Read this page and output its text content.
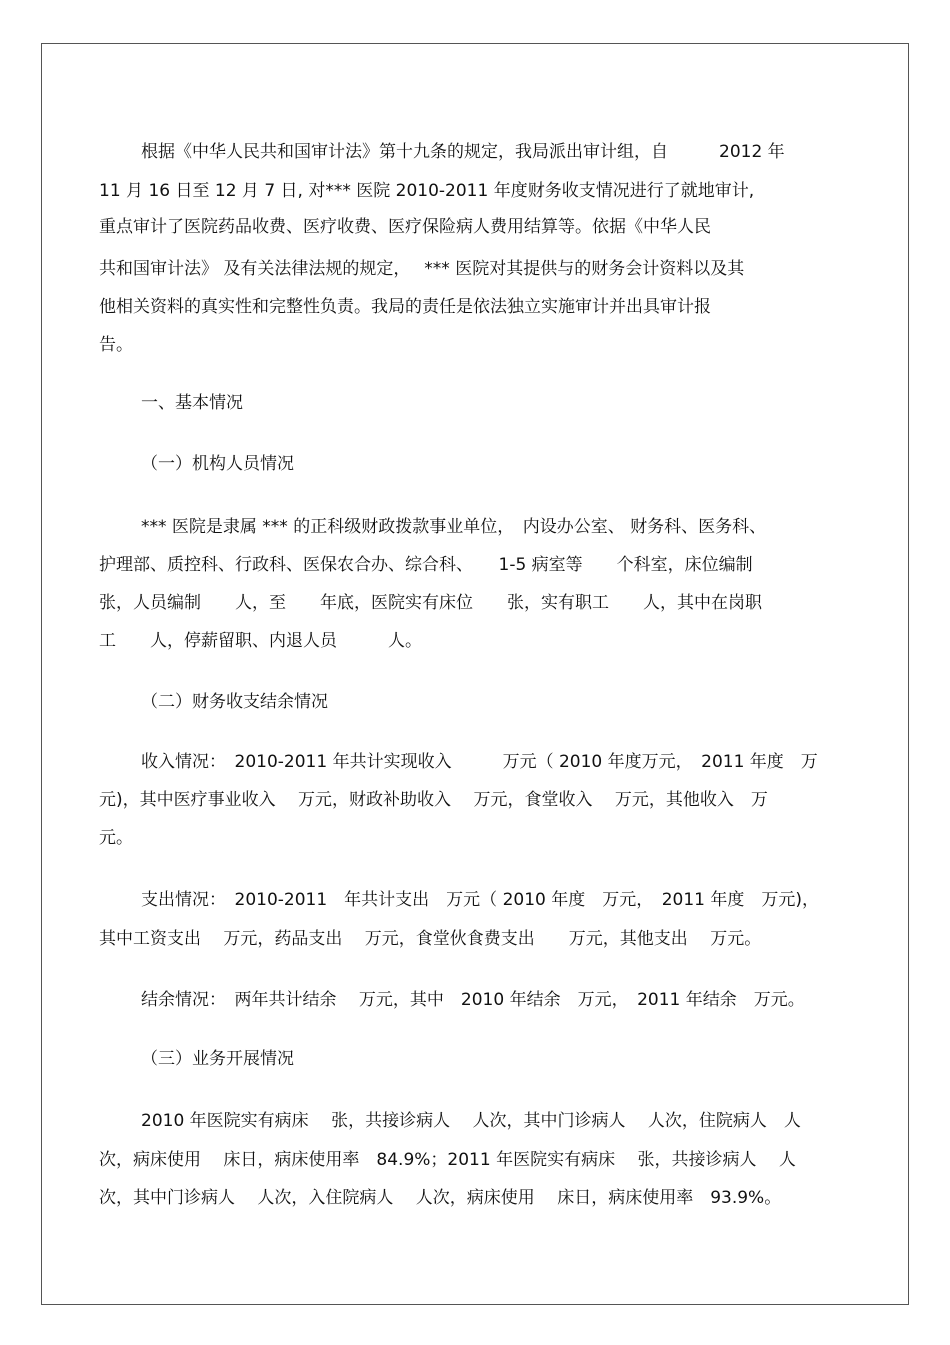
根据《中华人民共和国审计法》第十九条的规定，我局派出审计组，自　　　2012 年

11 月 16 日至 12 月 7 日, 对*** 医院 2010-2011 年度财务收支情况进行了就地审计,

重点审计了医院药品收费、医疗收费、医疗保险病人费用结算等。依据《中华人民

共和国审计法》 及有关法律法规的规定，　 *** 医院对其提供与的财务会计资料以及其

他相关资料的真实性和完整性负责。我局的责任是依法独立实施审计并出具审计报

告。

一、基本情况

（一）机构人员情况

*** 医院是隶属 *** 的正科级财政拨款事业单位，　内设办公室、 财务科、医务科、

护理部、质控科、行政科、医保农合办、综合科、　　1-5 病室等　　个科室，床位编制

张，人员编制　　人，至　　年底，医院实有床位　　张，实有职工　　人，其中在岗职

工　　人，停薪留职、内退人员　　　人。

（二）财务收支结余情况

收入情况：　2010-2011 年共计实现收入　　　万元（ 2010 年度万元，　2011 年度　万

元)，其中医疗事业收入　 万元，财政补助收入　 万元，食堂收入　 万元，其他收入　万

元。

支出情况：　2010-2011　年共计支出　万元（ 2010 年度　万元，　2011 年度　万元)，

其中工资支出　 万元，药品支出　 万元，食堂伙食费支出　　万元，其他支出　 万元。

结余情况：　两年共计结余　 万元，其中　2010 年结余　万元，　2011 年结余　万元。

（三）业务开展情况

2010 年医院实有病床　 张，共接诊病人　 人次，其中门诊病人　 人次，住院病人　人

次，病床使用　 床日，病床使用率　84.9%；2011 年医院实有病床　 张，共接诊病人　 人

次，其中门诊病人　 人次，入住院病人　 人次，病床使用　 床日，病床使用率　93.9%。
